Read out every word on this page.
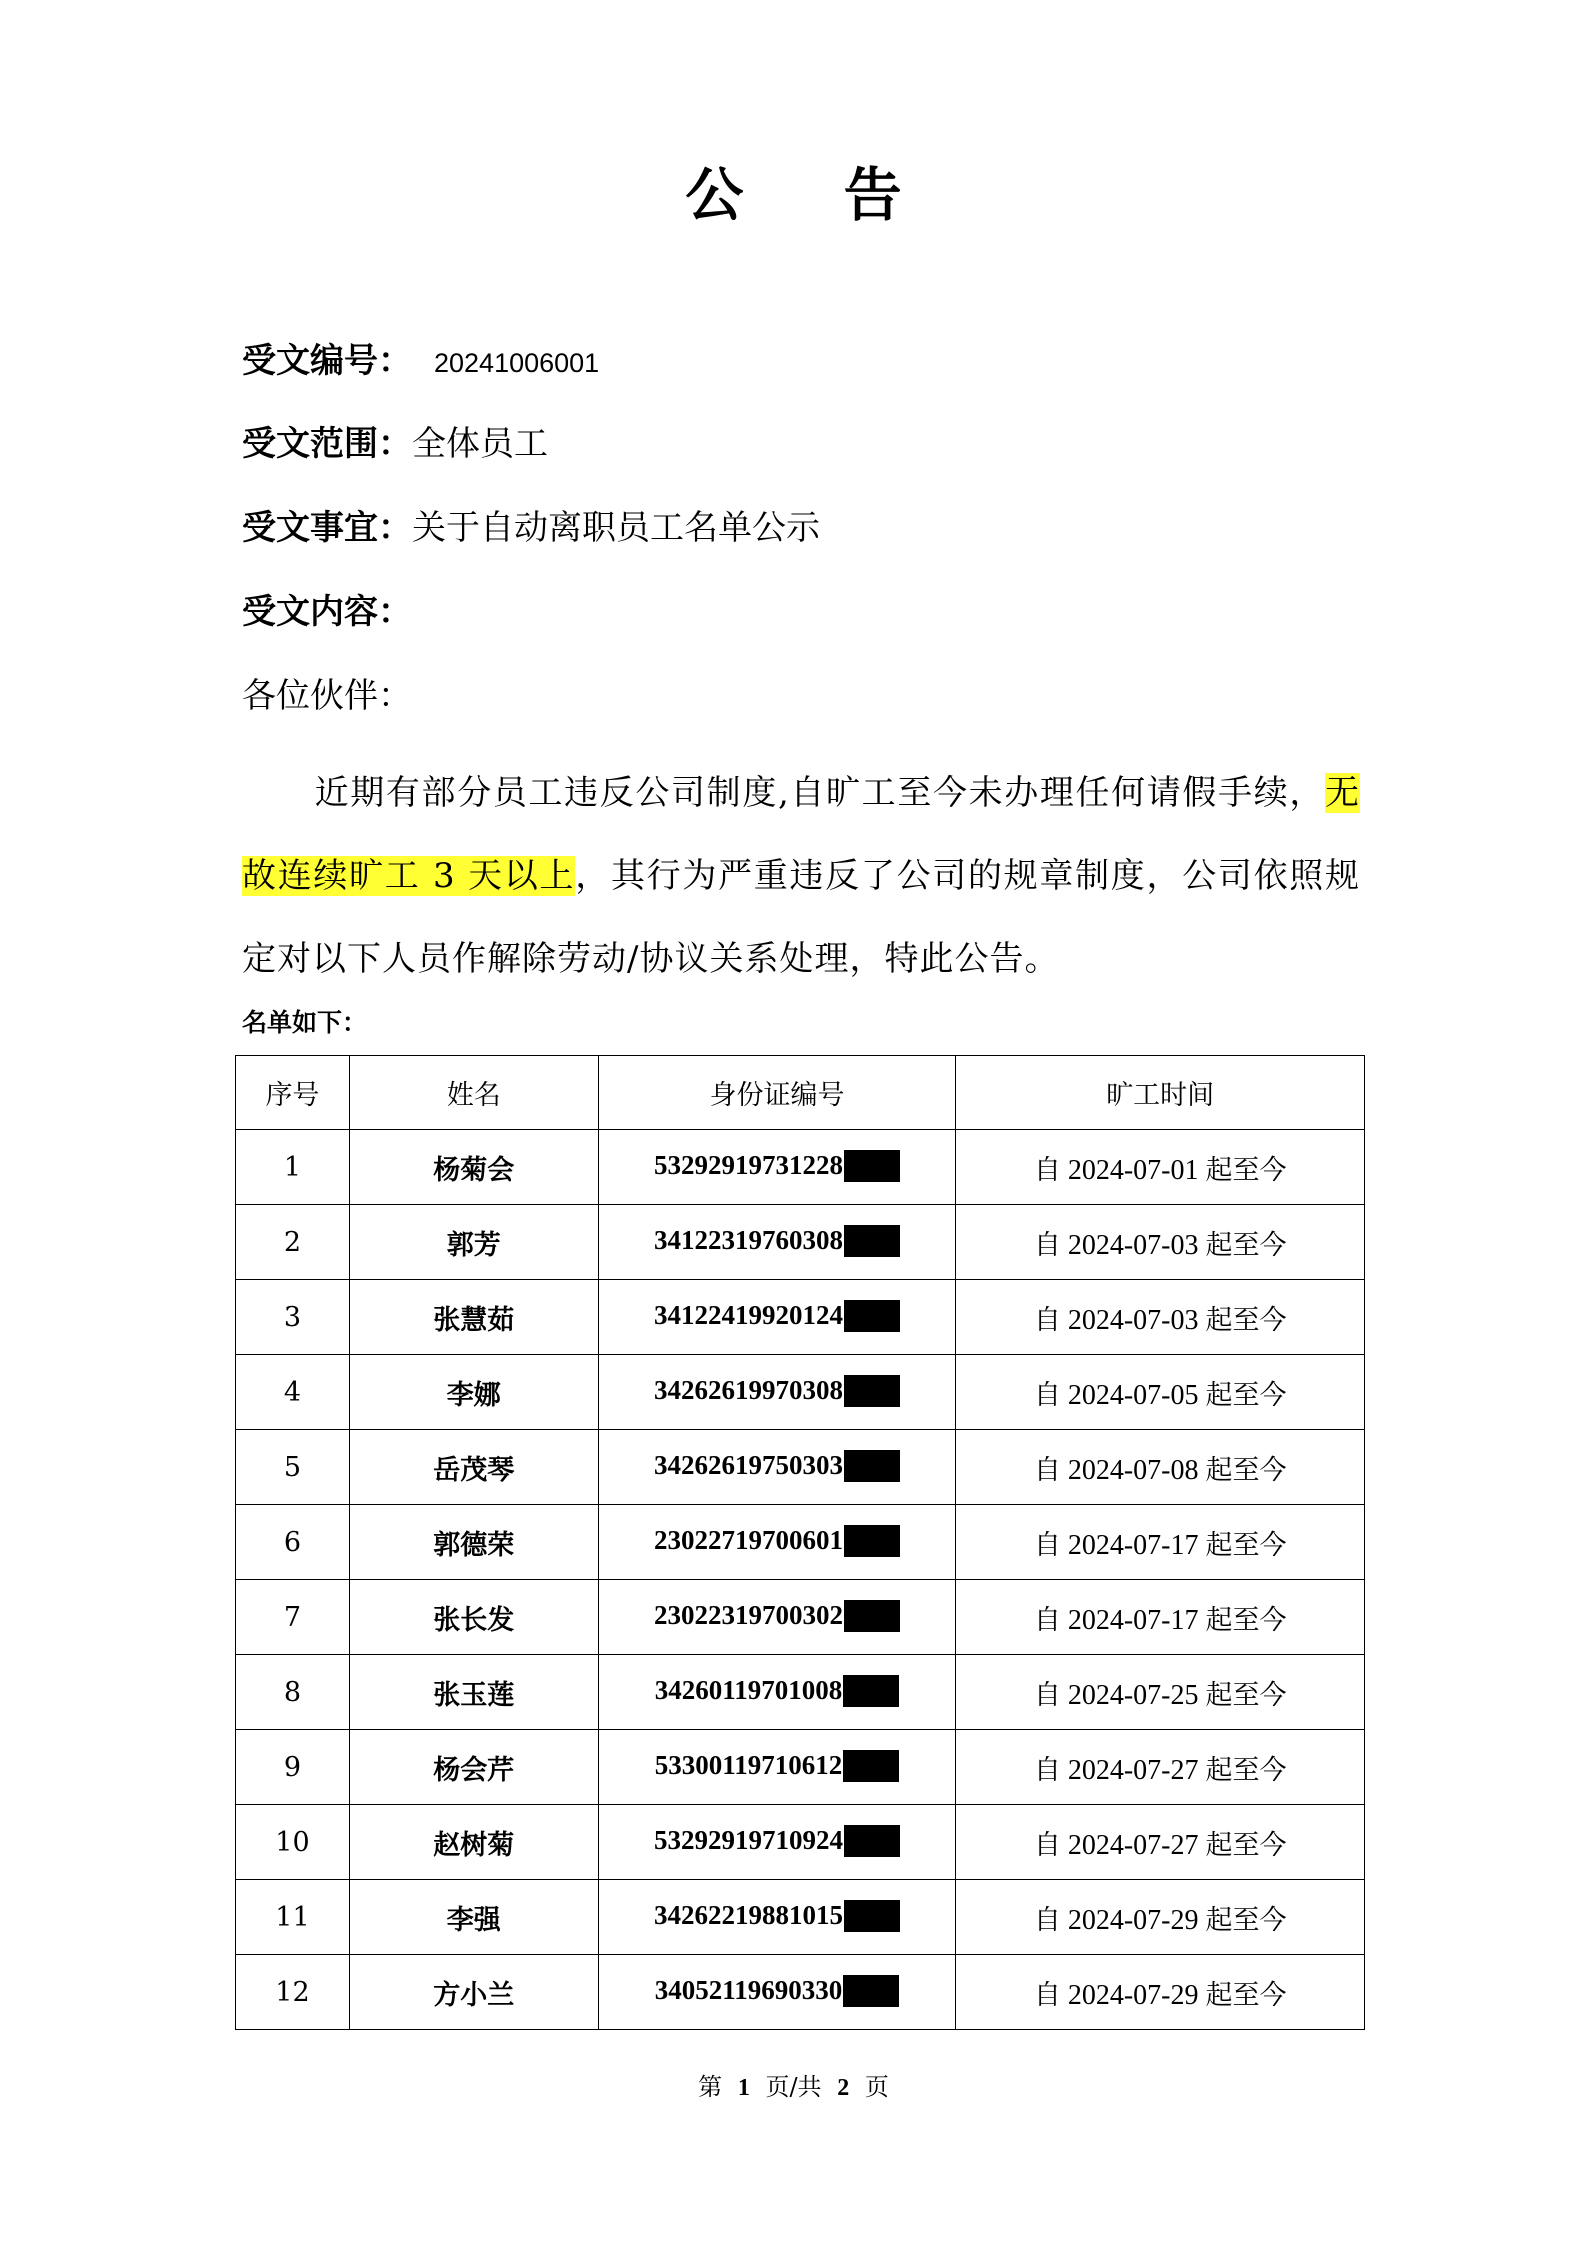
公 告
受文编号： 20241006001
受文范围：全体员工
受文事宜：关于自动离职员工名单公示
受文内容：
各位伙伴：
近期有部分员工违反公司制度,自旷工至今未办理任何请假手续，无故连续旷工 3 天以上，其行为严重违反了公司的规章制度，公司依照规定对以下人员作解除劳动/协议关系处理，特此公告。
名单如下：
序号	姓名	身份证编号	旷工时间
1	杨菊会	53292919731228	自 2024-07-01 起至今
2	郭芳	34122319760308	自 2024-07-03 起至今
3	张慧茹	34122419920124	自 2024-07-03 起至今
4	李娜	34262619970308	自 2024-07-05 起至今
5	岳茂琴	34262619750303	自 2024-07-08 起至今
6	郭德荣	23022719700601	自 2024-07-17 起至今
7	张长发	23022319700302	自 2024-07-17 起至今
8	张玉莲	34260119701008	自 2024-07-25 起至今
9	杨会芹	53300119710612	自 2024-07-27 起至今
10	赵树菊	53292919710924	自 2024-07-27 起至今
11	李强	34262219881015	自 2024-07-29 起至今
12	方小兰	34052119690330	自 2024-07-29 起至今
第 1 页/共 2 页
